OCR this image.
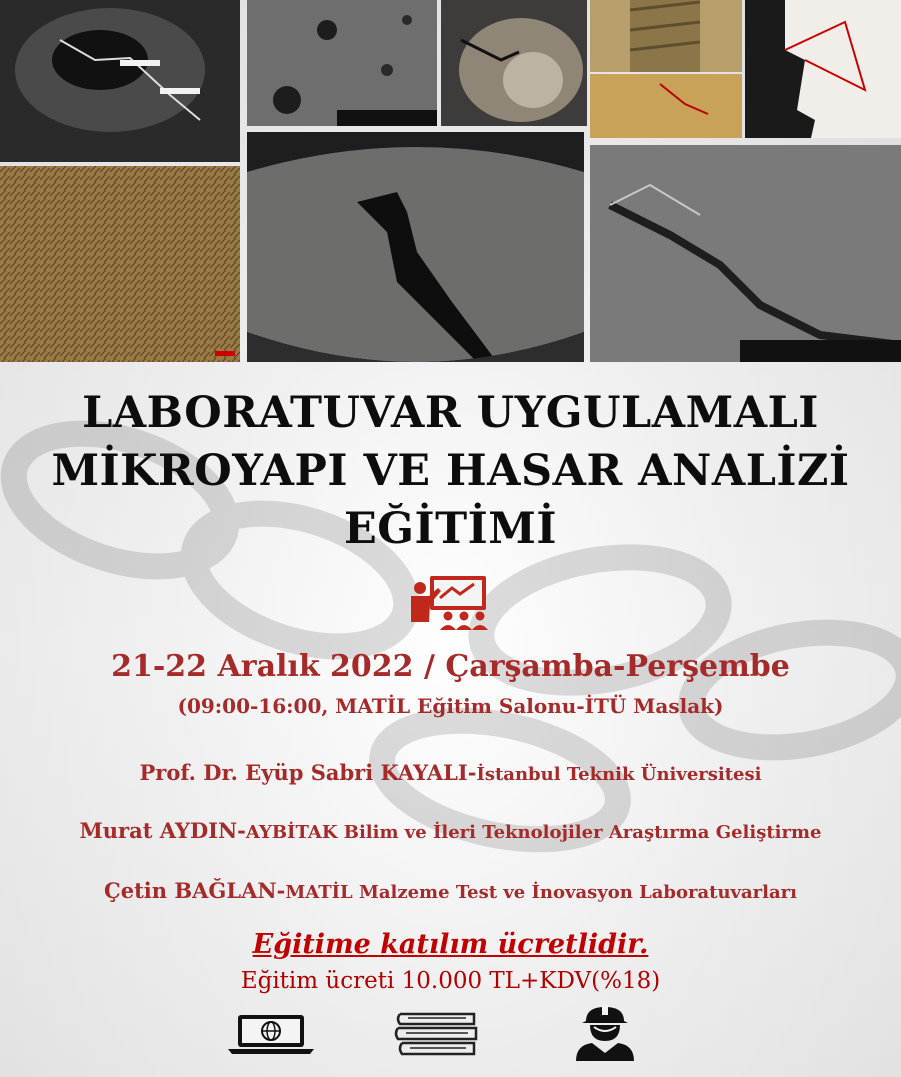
LABORATUVAR UYGULAMALI
MİKROYAPI VE HASAR ANALİZİ
EĞİTİMİ
21-22 Aralık 2022 / Çarşamba-Perşembe
(09:00-16:00, MATİL Eğitim Salonu-İTÜ Maslak)
Prof. Dr. Eyüp Sabri KAYALI-İstanbul Teknik Üniversitesi
Murat AYDIN-AYBİTAK Bilim ve İleri Teknolojiler Araştırma Geliştirme
Çetin BAĞLAN-MATİL Malzeme Test ve İnovasyon Laboratuvarları
Eğitime katılım ücretlidir.
Eğitim ücreti 10.000 TL+KDV(%18)
